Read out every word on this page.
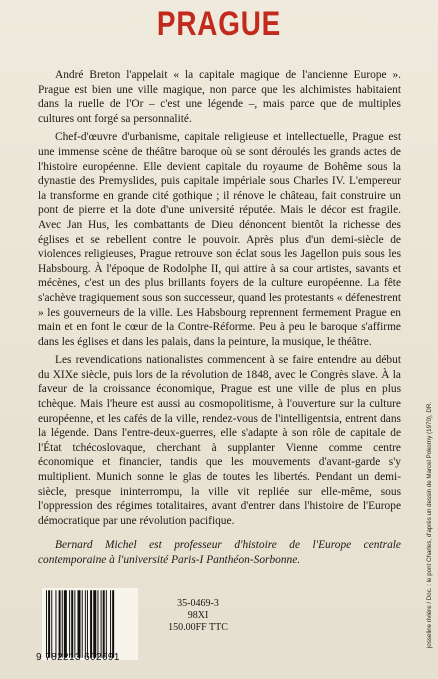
PRAGUE

André Breton l'appelait « la capitale magique de l'ancienne Europe ». Prague est bien une ville magique, non parce que les alchimistes habitaient dans la ruelle de l'Or – c'est une légende –, mais parce que de multiples cultures ont forgé sa personnalité.

Chef-d'œuvre d'urbanisme, capitale religieuse et intellectuelle, Prague est une immense scène de théâtre baroque où se sont déroulés les grands actes de l'histoire européenne. Elle devient capitale du royaume de Bohême sous la dynastie des Premyslides, puis capitale impériale sous Charles IV. L'empereur la transforme en grande cité gothique ; il rénove le château, fait construire un pont de pierre et la dote d'une université réputée. Mais le décor est fragile. Avec Jan Hus, les combattants de Dieu dénoncent bientôt la richesse des églises et se rebellent contre le pouvoir. Après plus d'un demi-siècle de violences religieuses, Prague retrouve son éclat sous les Jagellon puis sous les Habsbourg. À l'époque de Rodolphe II, qui attire à sa cour artistes, savants et mécènes, c'est un des plus brillants foyers de la culture européenne. La fête s'achève tragiquement sous son successeur, quand les protestants « défenestrent » les gouverneurs de la ville. Les Habsbourg reprennent fermement Prague en main et en font le cœur de la Contre-Réforme. Peu à peu le baroque s'affirme dans les églises et dans les palais, dans la peinture, la musique, le théâtre.

Les revendications nationalistes commencent à se faire entendre au début du XIXe siècle, puis lors de la révolution de 1848, avec le Congrès slave. À la faveur de la croissance économique, Prague est une ville de plus en plus tchèque. Mais l'heure est aussi au cosmopolitisme, à l'ouverture sur la culture européenne, et les cafés de la ville, rendez-vous de l'intelligentsia, entrent dans la légende. Dans l'entre-deux-guerres, elle s'adapte à son rôle de capitale de l'État tchécoslovaque, cherchant à supplanter Vienne comme centre économique et financier, tandis que les mouvements d'avant-garde s'y multiplient. Munich sonne le glas de toutes les libertés. Pendant un demi-siècle, presque ininterrompu, la ville vit repliée sur elle-même, sous l'oppression des régimes totalitaires, avant d'entrer dans l'histoire de l'Europe démocratique par une révolution pacifique.

Bernard Michel est professeur d'histoire de l'Europe centrale contemporaine à l'université Paris-I Panthéon-Sorbonne.	josseline rivière / Doc. : le pont Charles, d'après un dessin de Marcel Pokorny (1970), DR.
9 782213 602691
35-0469-3
98XI
150.00FF TTC
